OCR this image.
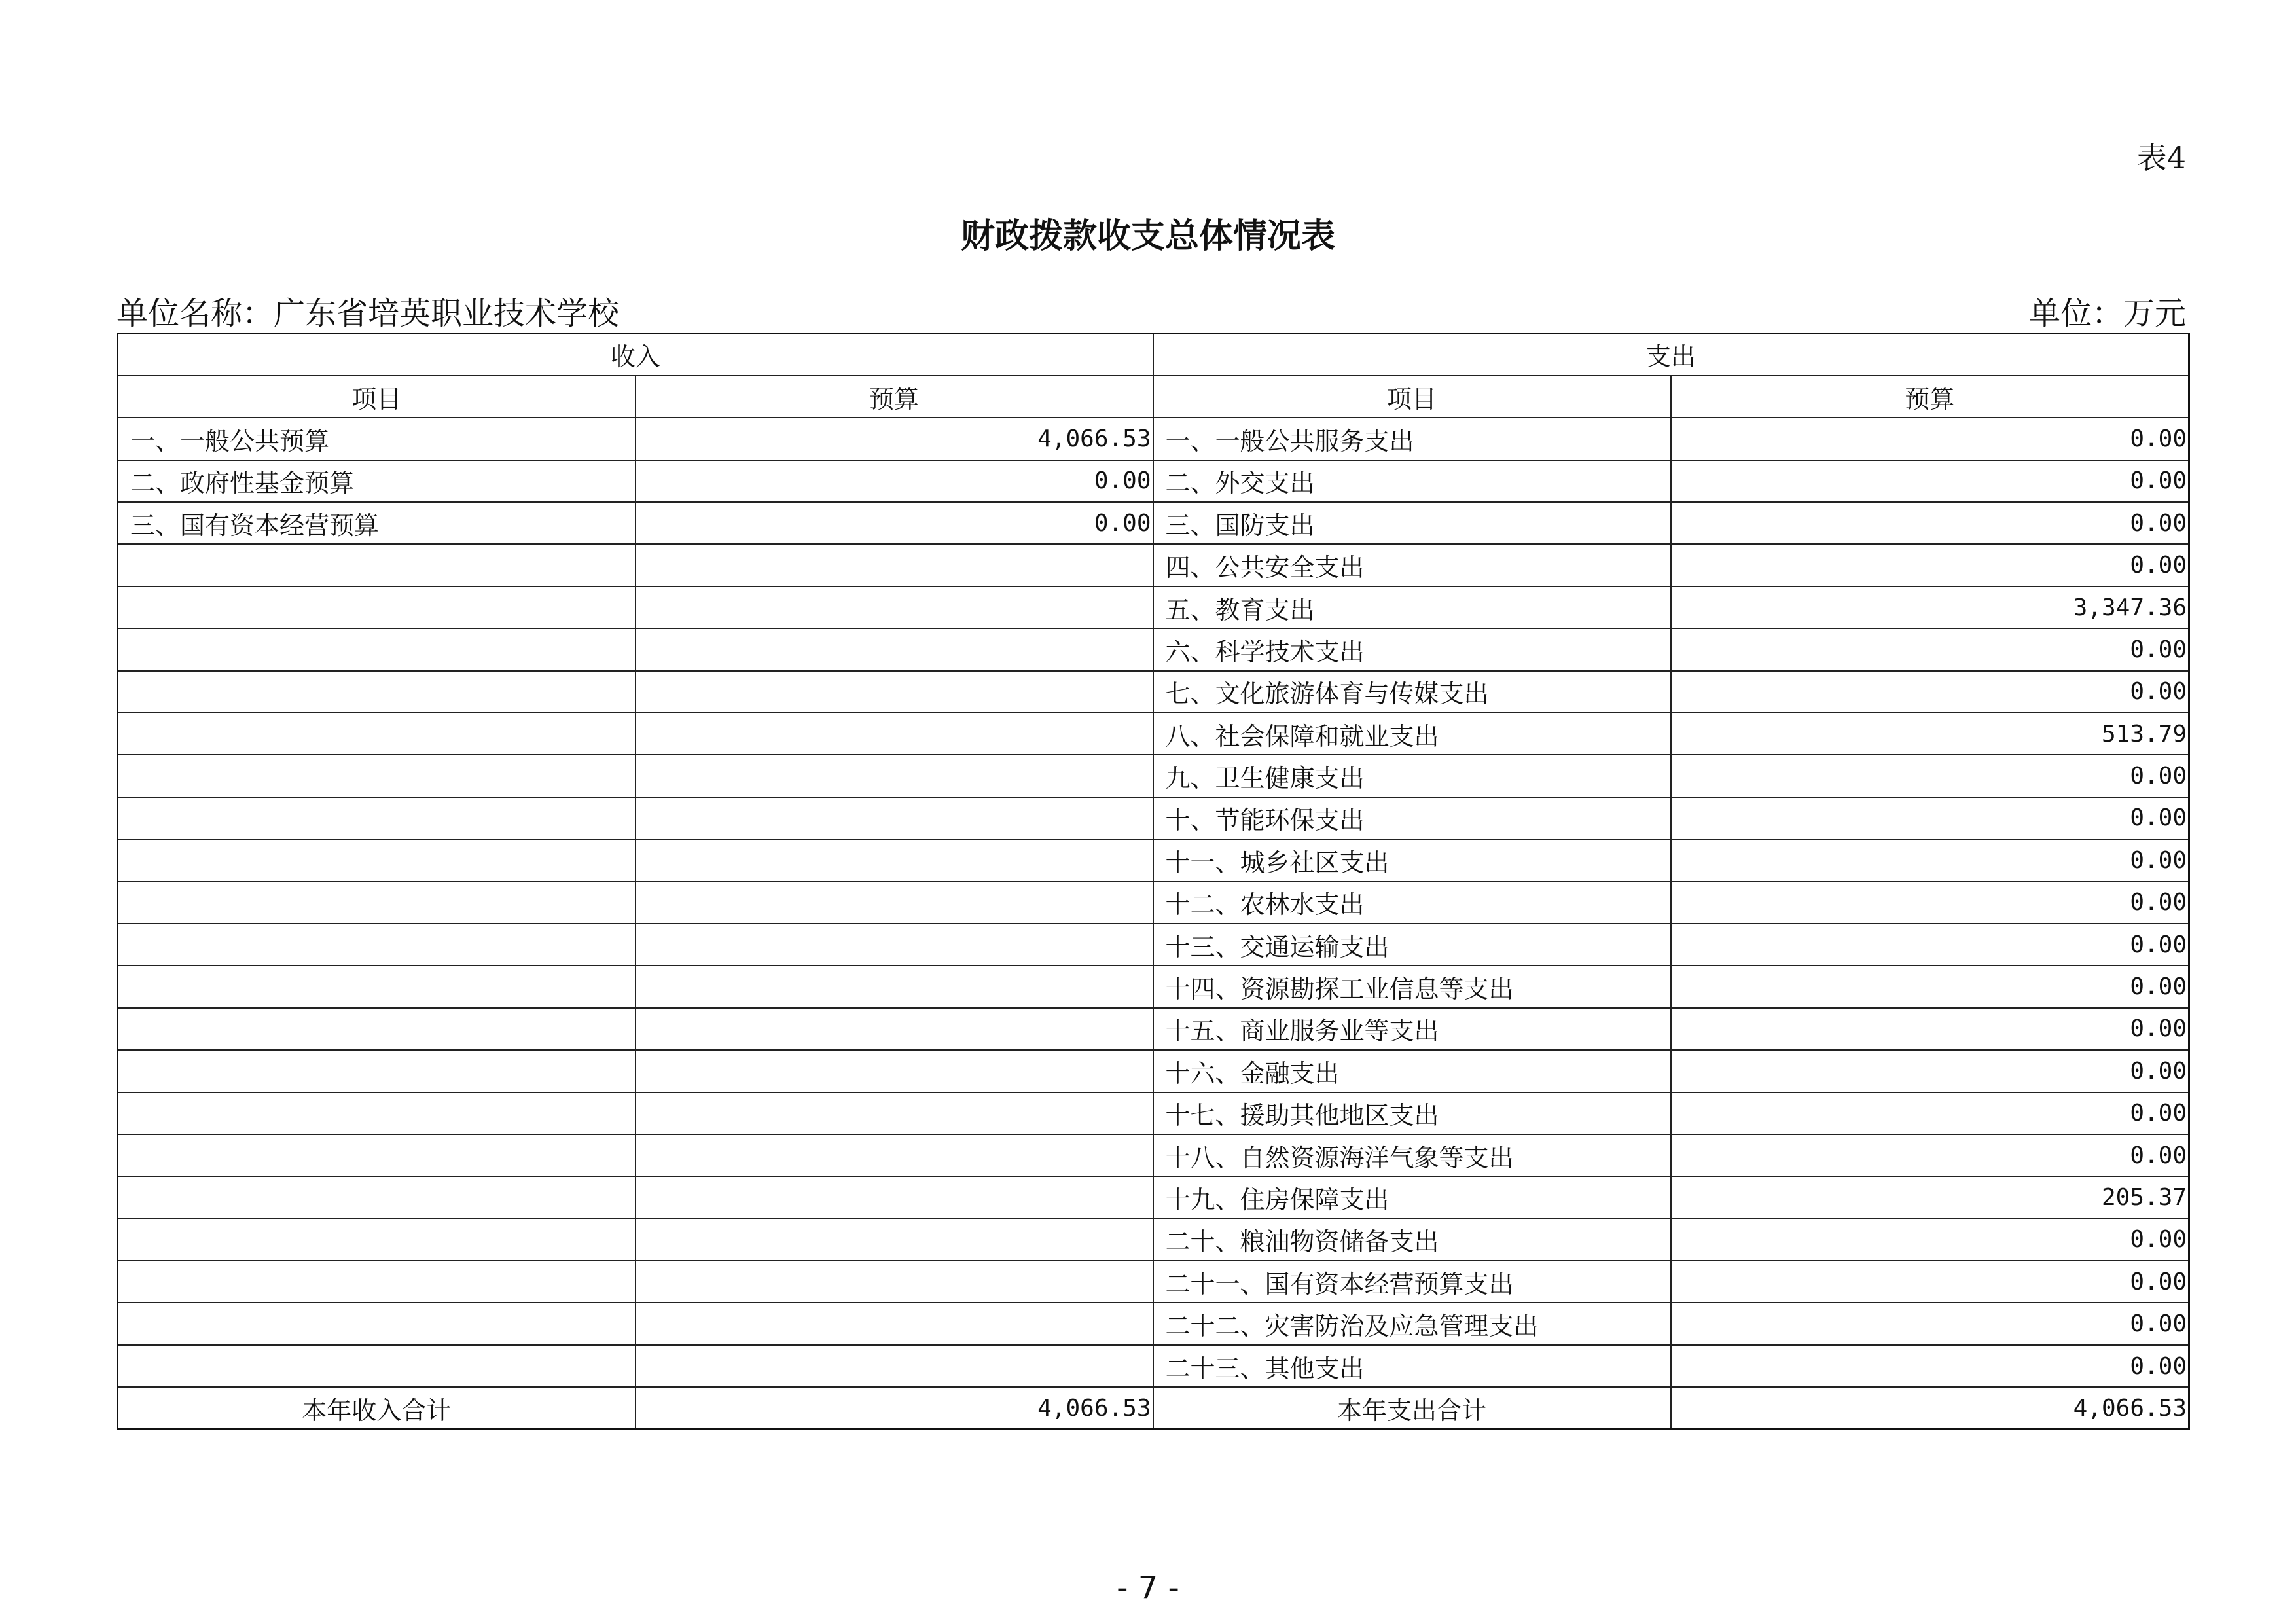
表4
财政拨款收支总体情况表
单位名称：广东省培英职业技术学校	单位：万元
收入		支出	
项目	预算	项目	预算
一、一般公共预算	4,066.53	一、一般公共服务支出	0.00
二、政府性基金预算	0.00	二、外交支出	0.00
三、国有资本经营预算	0.00	三、国防支出	0.00
		四、公共安全支出	0.00
		五、教育支出	3,347.36
		六、科学技术支出	0.00
		七、文化旅游体育与传媒支出	0.00
		八、社会保障和就业支出	513.79
		九、卫生健康支出	0.00
		十、节能环保支出	0.00
		十一、城乡社区支出	0.00
		十二、农林水支出	0.00
		十三、交通运输支出	0.00
		十四、资源勘探工业信息等支出	0.00
		十五、商业服务业等支出	0.00
		十六、金融支出	0.00
		十七、援助其他地区支出	0.00
		十八、自然资源海洋气象等支出	0.00
		十九、住房保障支出	205.37
		二十、粮油物资储备支出	0.00
		二十一、国有资本经营预算支出	0.00
		二十二、灾害防治及应急管理支出	0.00
		二十三、其他支出	0.00
本年收入合计	4,066.53	本年支出合计	4,066.53
- 7 -
